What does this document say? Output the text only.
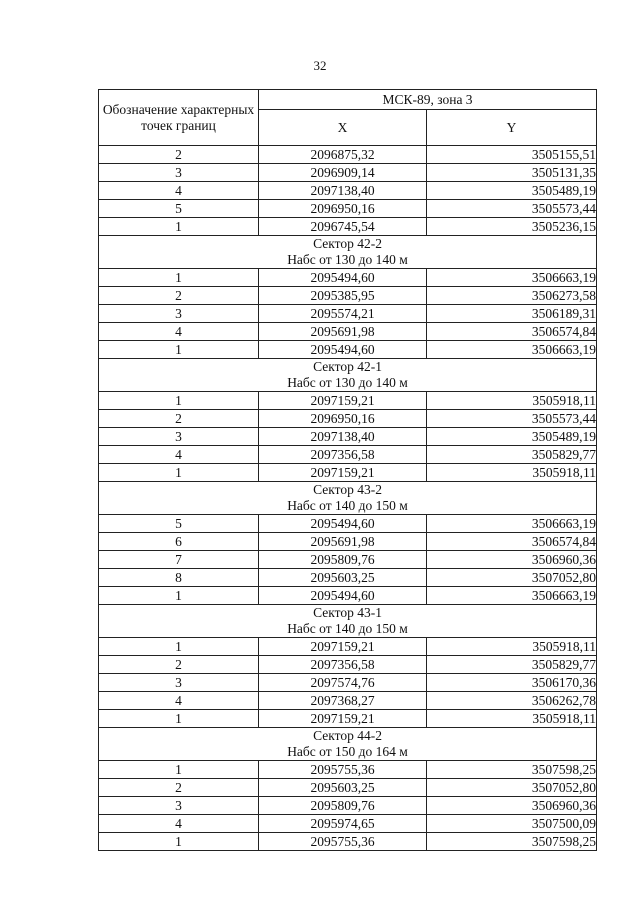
32
Обозначение характерных точек границ	МСК-89, зона 3	
	X	Y
2	2096875,32	3505155,51
3	2096909,14	3505131,35
4	2097138,40	3505489,19
5	2096950,16	3505573,44
1	2096745,54	3505236,15

Сектор 42-2
Набс от 130 до 140 м		

1	2095494,60	3506663,19
2	2095385,95	3506273,58
3	2095574,21	3506189,31
4	2095691,98	3506574,84
1	2095494,60	3506663,19

Сектор 42-1
Набс от 130 до 140 м		

1	2097159,21	3505918,11
2	2096950,16	3505573,44
3	2097138,40	3505489,19
4	2097356,58	3505829,77
1	2097159,21	3505918,11

Сектор 43-2
Набс от 140 до 150 м		

5	2095494,60	3506663,19
6	2095691,98	3506574,84
7	2095809,76	3506960,36
8	2095603,25	3507052,80
1	2095494,60	3506663,19

Сектор 43-1
Набс от 140 до 150 м		

1	2097159,21	3505918,11
2	2097356,58	3505829,77
3	2097574,76	3506170,36
4	2097368,27	3506262,78
1	2097159,21	3505918,11

Сектор 44-2
Набс от 150 до 164 м		

1	2095755,36	3507598,25
2	2095603,25	3507052,80
3	2095809,76	3506960,36
4	2095974,65	3507500,09
1	2095755,36	3507598,25
